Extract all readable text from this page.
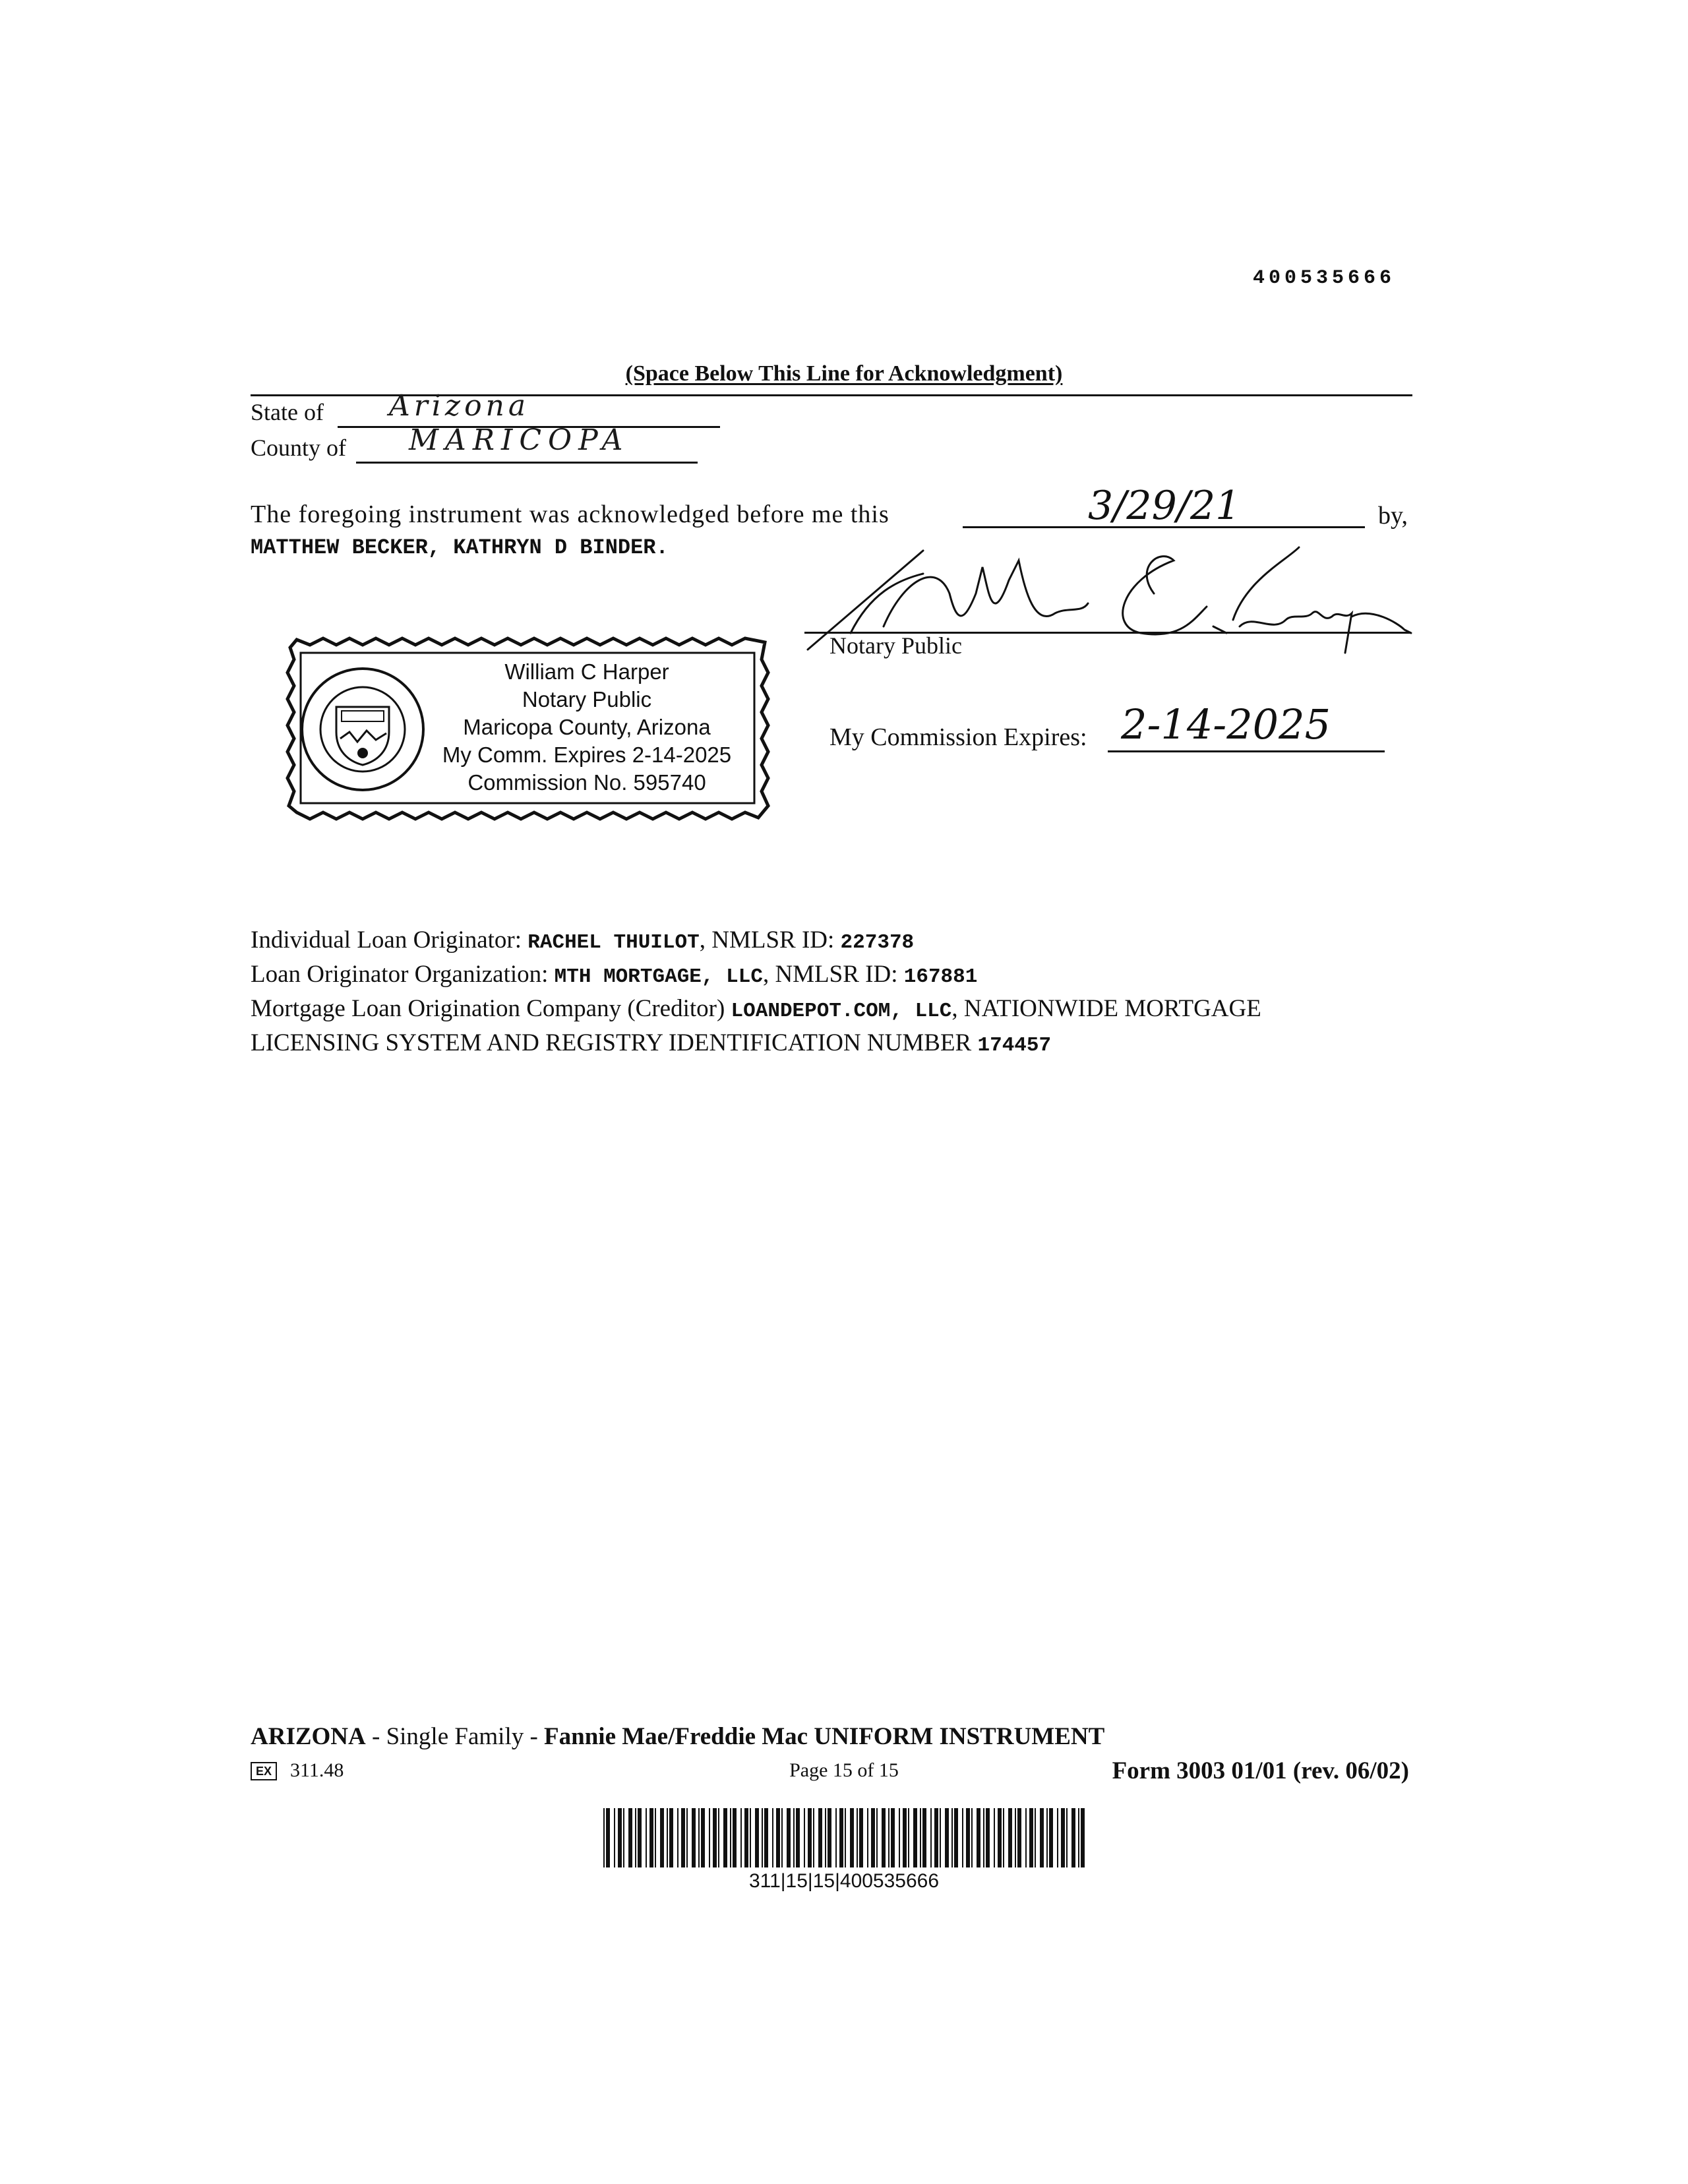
400535666
(Space Below This Line for Acknowledgment)
State of Arizona
County of MARICOPA
The foregoing instrument was acknowledged before me this	3/29/21	by,
MATTHEW BECKER, KATHRYN D BINDER.
Notary Public
My Commission Expires: 2-14-2025
William C Harper
Notary Public
Maricopa County, Arizona
My Comm. Expires 2-14-2025
Commission No. 595740
Individual Loan Originator: RACHEL THUILOT, NMLSR ID: 227378
Loan Originator Organization: MTH MORTGAGE, LLC, NMLSR ID: 167881
Mortgage Loan Origination Company (Creditor) LOANDEPOT.COM, LLC, NATIONWIDE MORTGAGE
LICENSING SYSTEM AND REGISTRY IDENTIFICATION NUMBER 174457
ARIZONA - Single Family - Fannie Mae/Freddie Mac UNIFORM INSTRUMENT
EX 311.48	Page 15 of 15	Form 3003 01/01 (rev. 06/02)
311|15|15|400535666
